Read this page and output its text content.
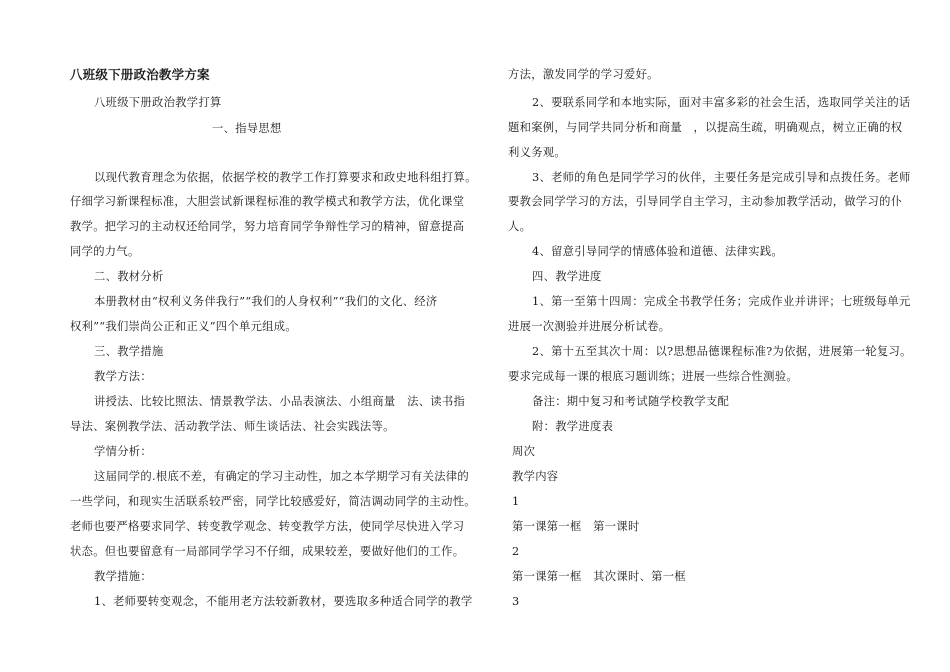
八班级下册政治教学方案
八班级下册政治教学打算
一、指导思想
以现代教育理念为依据，依据学校的教学工作打算要求和政史地科组打算。
仔细学习新课程标准，大胆尝试新课程标准的教学模式和教学方法，优化课堂
教学。把学习的主动权还给同学，努力培育同学争辩性学习的精神，留意提高
同学的力气。
二、教材分析
本册教材由“权利义务伴我行”“我们的人身权利”“我们的文化、经济
权利”“我们崇尚公正和正义”四个单元组成。
三、教学措施
教学方法：
讲授法、比较比照法、情景教学法、小品表演法、小组商量　法、读书指
导法、案例教学法、活动教学法、师生谈话法、社会实践法等。
学情分析：
这届同学的.根底不差，有确定的学习主动性，加之本学期学习有关法律的
一些学问，和现实生活联系较严密，同学比较感爱好，简洁调动同学的主动性。
老师也要严格要求同学、转变教学观念、转变教学方法，使同学尽快进入学习
状态。但也要留意有一局部同学学习不仔细，成果较差，要做好他们的工作。
教学措施：
1、老师要转变观念，不能用老方法较新教材，要选取多种适合同学的教学
方法，激发同学的学习爱好。
2、要联系同学和本地实际，面对丰富多彩的社会生活，选取同学关注的话
题和案例，与同学共同分析和商量　，以提高生疏，明确观点，树立正确的权
利义务观。
3、老师的角色是同学学习的伙伴，主要任务是完成引导和点拨任务。老师
要教会同学学习的方法，引导同学自主学习，主动参加教学活动，做学习的仆
人。
4、留意引导同学的情感体验和道德、法律实践。
四、教学进度
1、第一至第十四周：完成全书教学任务；完成作业并讲评；七班级每单元
进展一次测验并进展分析试卷。
2、第十五至其次十周：以?思想品德课程标准?为依据，进展第一轮复习。
要求完成每一课的根底习题训练；进展一些综合性测验。
备注：期中复习和考试随学校教学支配
附：教学进度表
周次
教学内容
1
第一课第一框　第一课时
2
第一课第一框　其次课时、第一框
3
